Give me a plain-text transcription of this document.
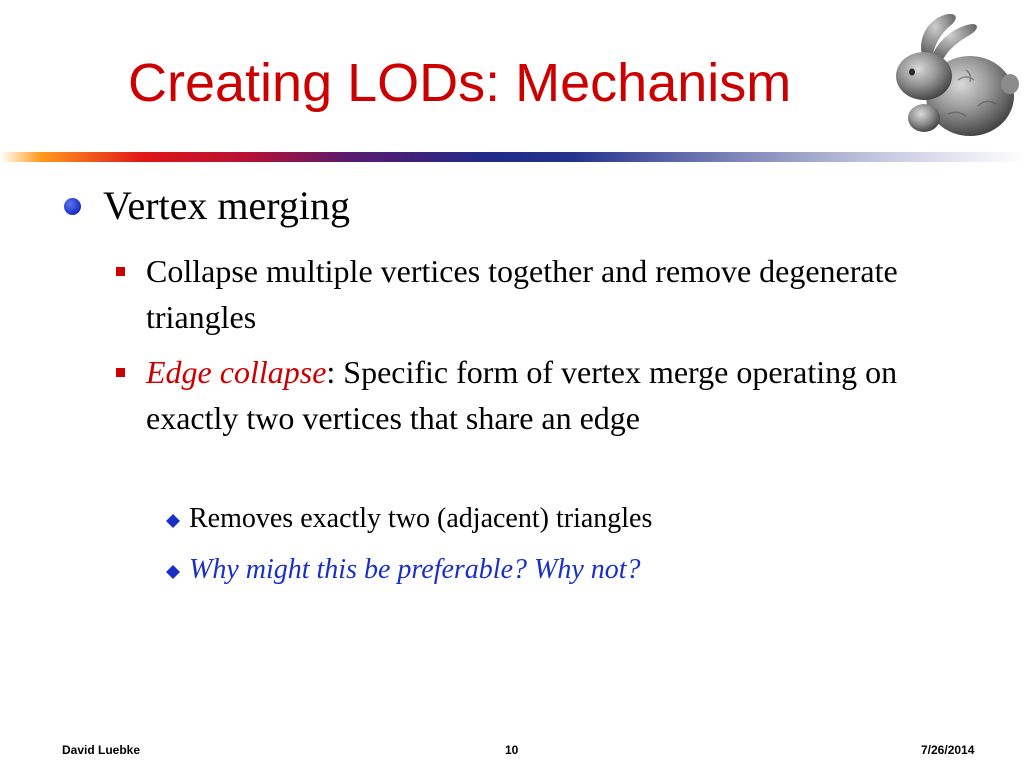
Creating LODs: Mechanism
Vertex merging
Collapse multiple vertices together and remove degenerate triangles
Edge collapse: Specific form of vertex merge operating on exactly two vertices that share an edge
Removes exactly two (adjacent) triangles
Why might this be preferable? Why not?
David Luebke	10	7/26/2014
